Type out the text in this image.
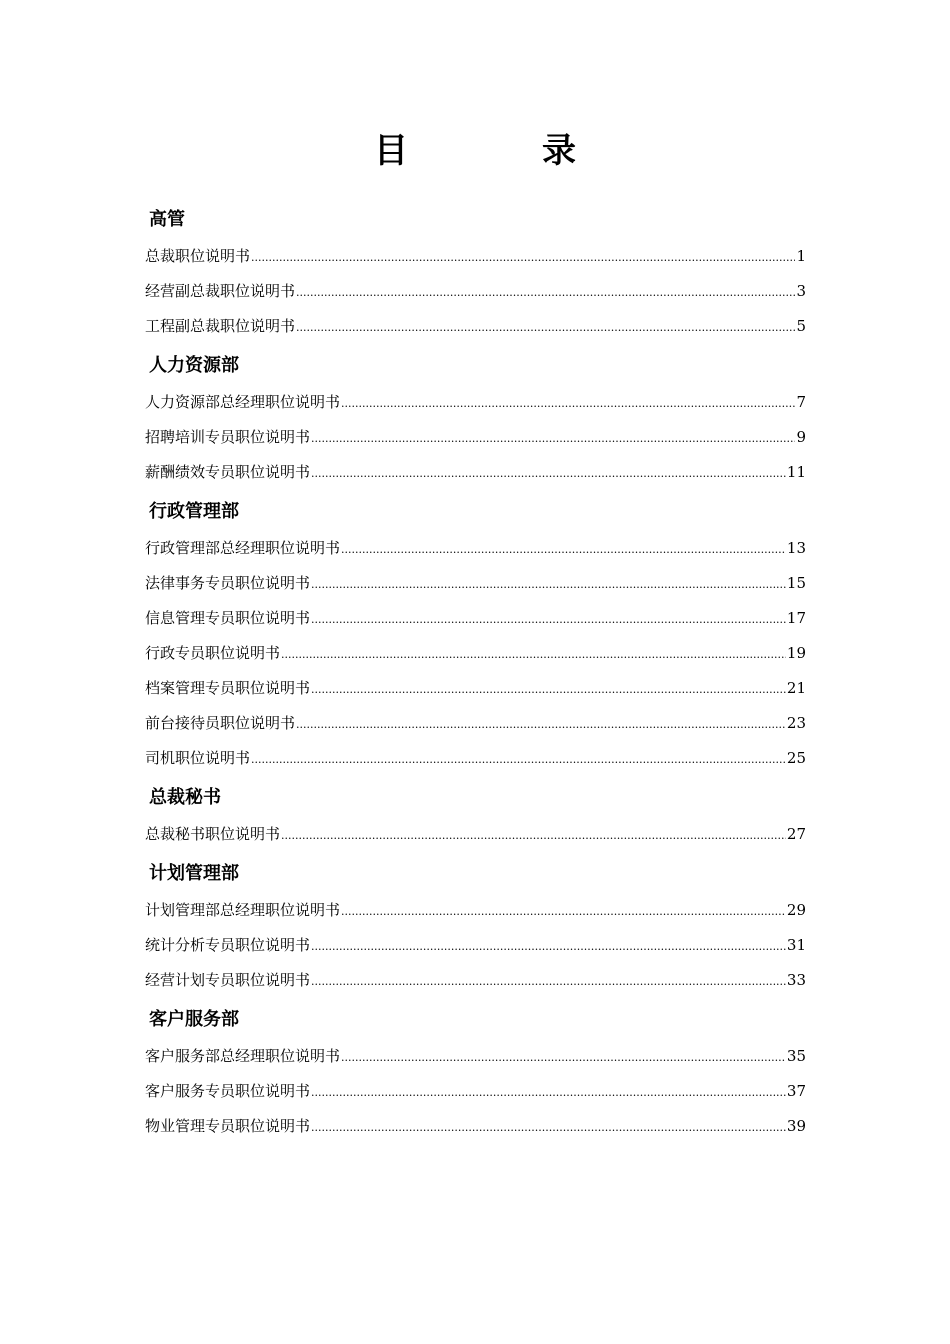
目　录
高管
总裁职位说明书 .....	1
经营副总裁职位说明书 .....	3
工程副总裁职位说明书 .....	5
人力资源部
人力资源部总经理职位说明书 .....	7
招聘培训专员职位说明书 .....	9
薪酬绩效专员职位说明书 .....	11
行政管理部
行政管理部总经理职位说明书 .....	13
法律事务专员职位说明书 .....	15
信息管理专员职位说明书 .....	17
行政专员职位说明书 .....	19
档案管理专员职位说明书 .....	21
前台接待员职位说明书 .....	23
司机职位说明书 .....	25
总裁秘书
总裁秘书职位说明书 .....	27
计划管理部
计划管理部总经理职位说明书 .....	29
统计分析专员职位说明书 .....	31
经营计划专员职位说明书 .....	33
客户服务部
客户服务部总经理职位说明书 .....	35
客户服务专员职位说明书 .....	37
物业管理专员职位说明书 .....	39
